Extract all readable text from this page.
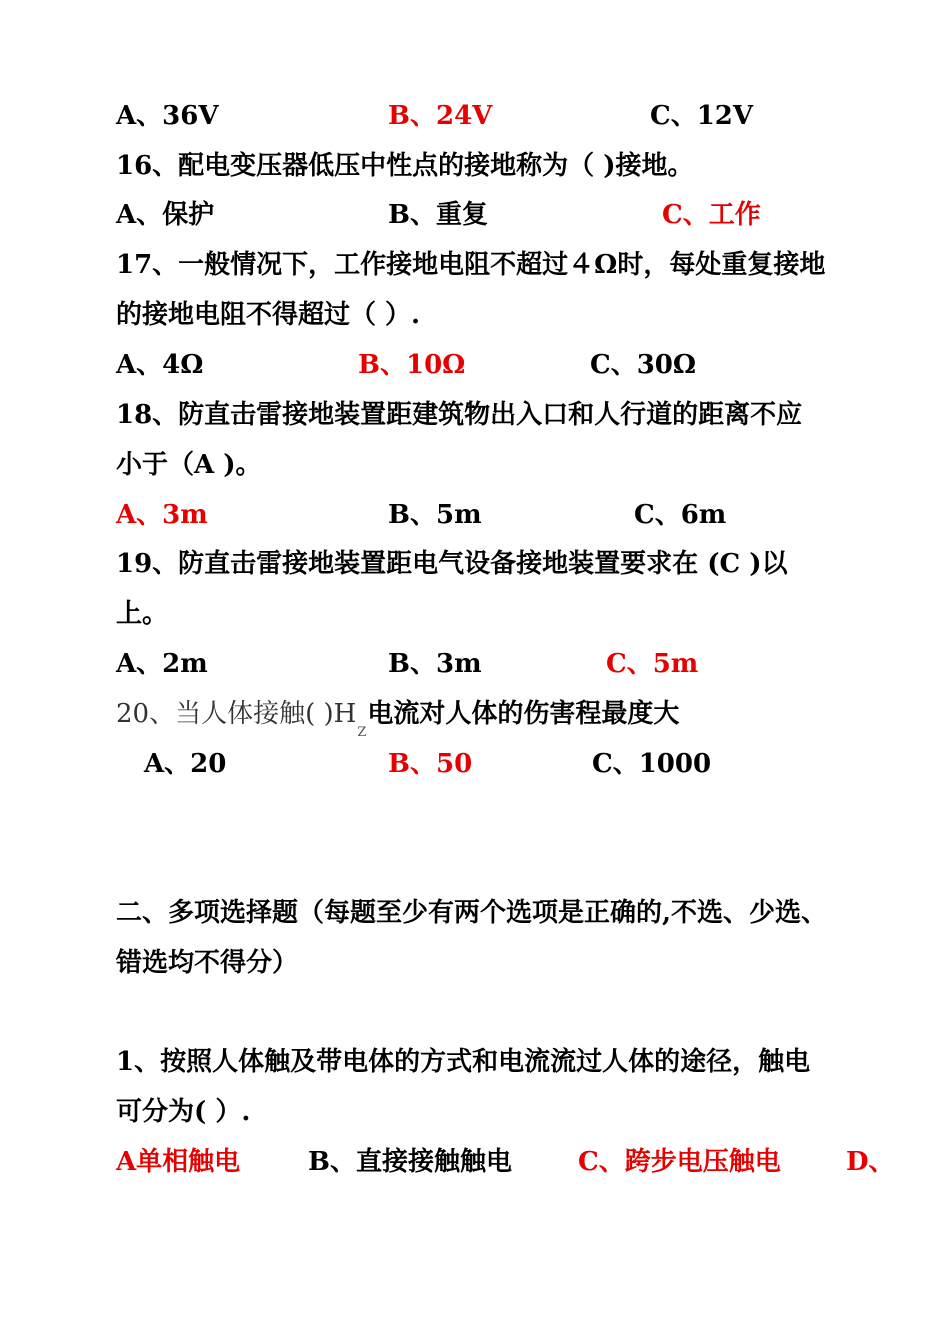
A、36V	B、24V	C、12V
16、配电变压器低压中性点的接地称为（ )接地。
A、保护	B、重复	C、工作
17、一般情况下，工作接地电阻不超过４Ω时，每处重复接地
的接地电阻不得超过（ ）.
A、4Ω	B、10Ω	C、30Ω
18、防直击雷接地装置距建筑物出入口和人行道的距离不应
小于（A )。
A、3m	B、5m	C、6m
19、防直击雷接地装置距电气设备接地装置要求在 (C )以
上。
A、2m	B、3m	C、5m
20、当人体接触( )$H_Z$电流对人体的伤害程最度大
A、20	B、50	C、1000
二、多项选择题（每题至少有两个选项是正确的,不选、少选、
错选均不得分）
1、按照人体触及带电体的方式和电流流过人体的途径，触电
可分为( ）.
A单相触电	B、直接接触触电	C、跨步电压触电	D、
